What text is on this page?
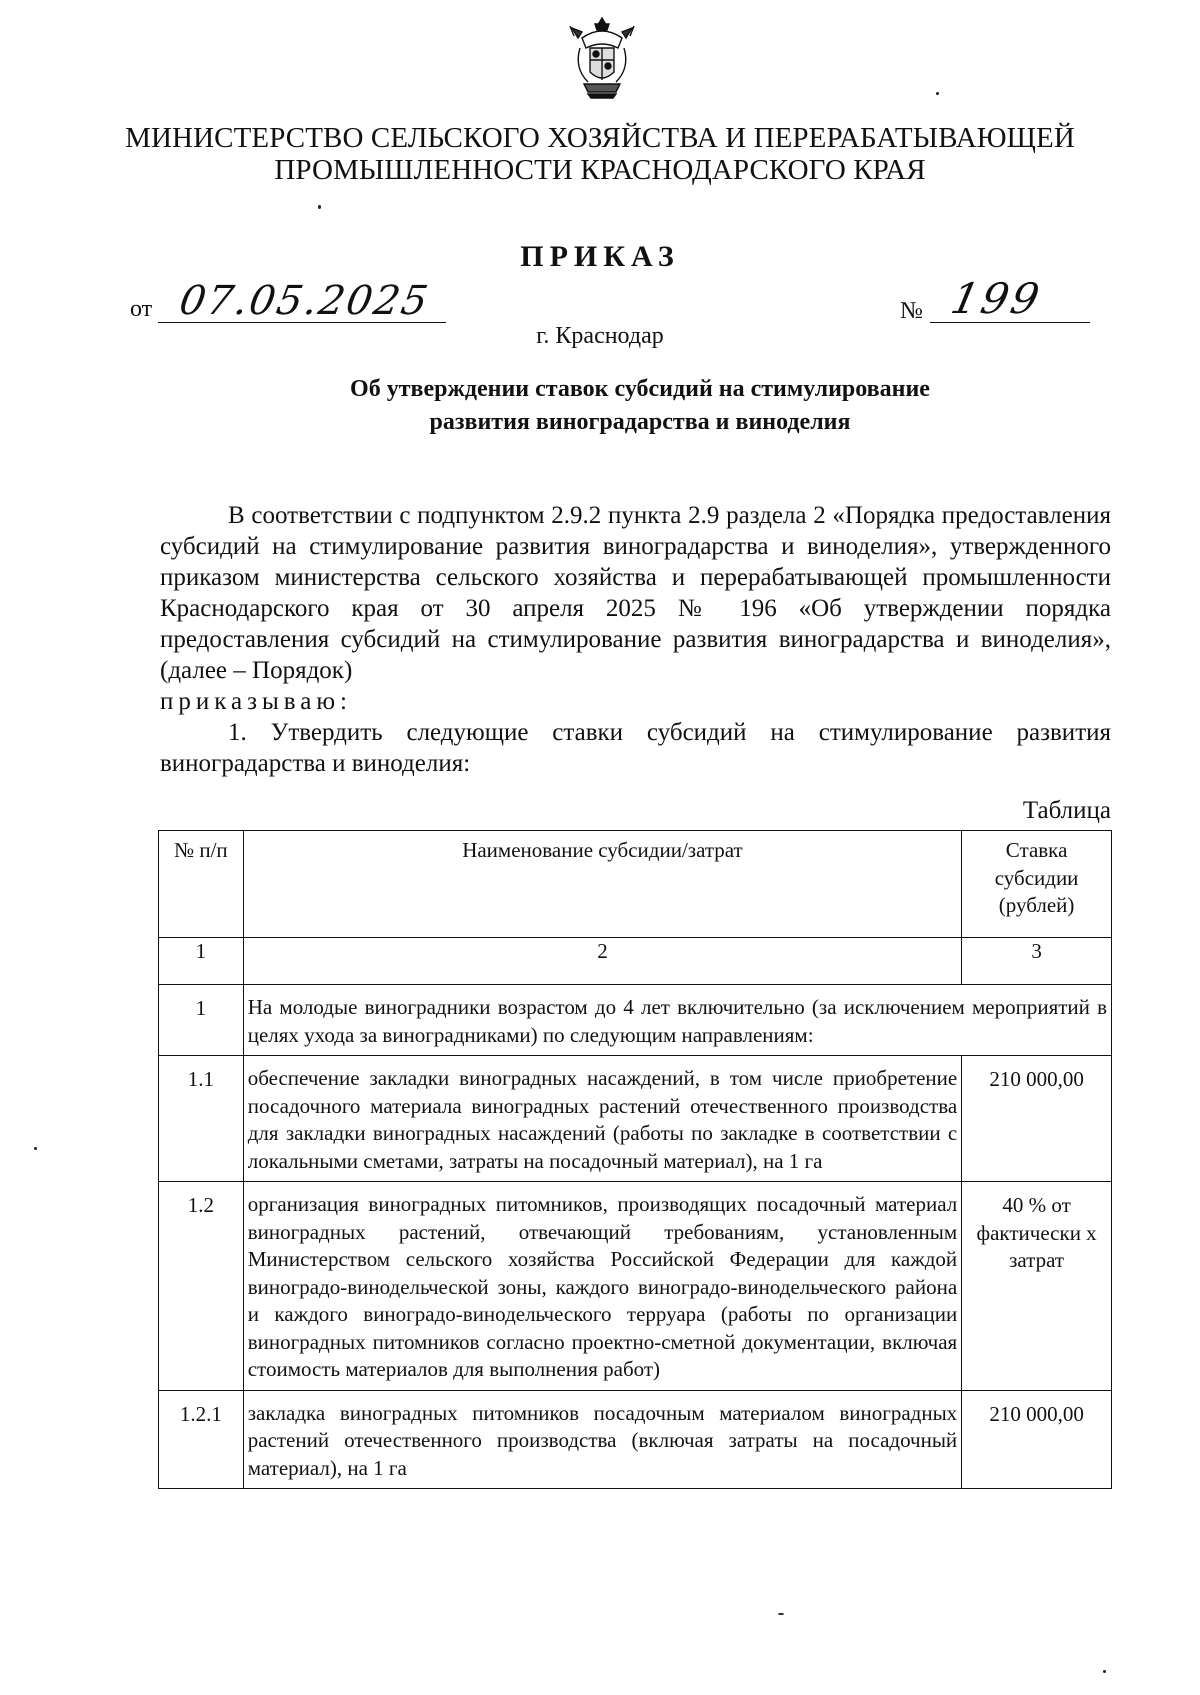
МИНИСТЕРСТВО СЕЛЬСКОГО ХОЗЯЙСТВА И ПЕРЕРАБАТЫВАЮЩЕЙ
ПРОМЫШЛЕННОСТИ КРАСНОДАРСКОГО КРАЯ
ПРИКАЗ
от 07.05.2025	№ 199
г. Краснодар
Об утверждении ставок субсидий на стимулирование
развития виноградарства и виноделия

В соответствии с подпунктом 2.9.2 пункта 2.9 раздела 2 «Порядка предоставления субсидий на стимулирование развития виноградарства и виноделия», утвержденного приказом министерства сельского хозяйства и перерабатывающей промышленности Краснодарского края от 30 апреля 2025 № 196 «Об утверждении порядка предоставления субсидий на стимулирование развития виноградарства и виноделия», (далее – Порядок)

приказываю:

1. Утвердить следующие ставки субсидий на стимулирование развития виноградарства и виноделия:

Таблица
№ п/п	Наименование субсидии/затрат	Ставка субсидии (рублей)
1	2	3

1	На молодые виноградники возрастом до 4 лет включительно (за исключением мероприятий в целях ухода за виноградниками) по следующим направлениям:	

1.1	обеспечение закладки виноградных насаждений, в том числе приобретение посадочного материала виноградных растений отечественного производства для закладки виноградных насаждений (работы по закладке в соответствии с локальными сметами, затраты на посадочный материал), на 1 га	210 000,00

1.2	организация виноградных питомников, производящих посадочный материал виноградных растений, отвечающий требованиям, установленным Министерством сельского хозяйства Российской Федерации для каждой виноградо-винодельческой зоны, каждого виноградо-винодельческого района и каждого виноградо-винодельческого терруара (работы по организации виноградных питомников согласно проектно-сметной документации, включая стоимость материалов для выполнения работ)	40 % от фактически х затрат

1.2.1	закладка виноградных питомников посадочным материалом виноградных растений отечественного производства (включая затраты на посадочный материал), на 1 га	210 000,00
